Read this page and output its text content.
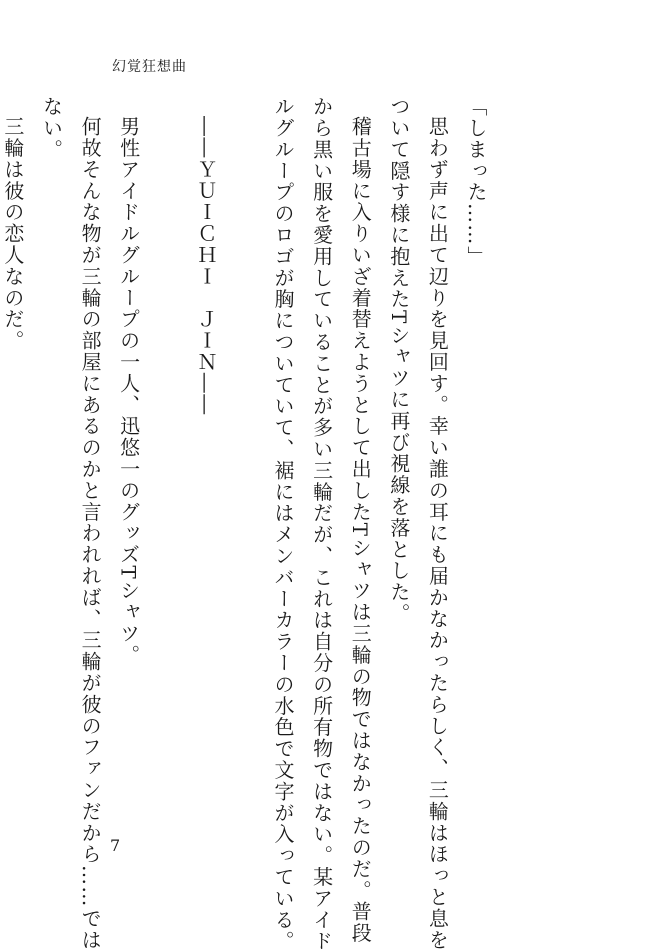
幻覚狂想曲
「しまった……」
思わず声に出て辺りを見回す。幸い誰の耳にも届かなかったらしく、三輪はほっと息を
ついて隠す様に抱えたTシャツに再び視線を落とした。
稽古場に入りいざ着替えようとして出したTシャツは三輪の物ではなかったのだ。普段
から黒い服を愛用していることが多い三輪だが、これは自分の所有物ではない。某アイド
ルグループのロゴが胸についていて、裾にはメンバーカラーの水色で文字が入っている。

――ＹＵＩＣＨＩ　ＪＩＮ――

男性アイドルグループの一人、迅悠一のグッズTシャツ。
何故そんな物が三輪の部屋にあるのかと言われれば、三輪が彼のファンだから……では
ない。
三輪は彼の恋人なのだ。
7
